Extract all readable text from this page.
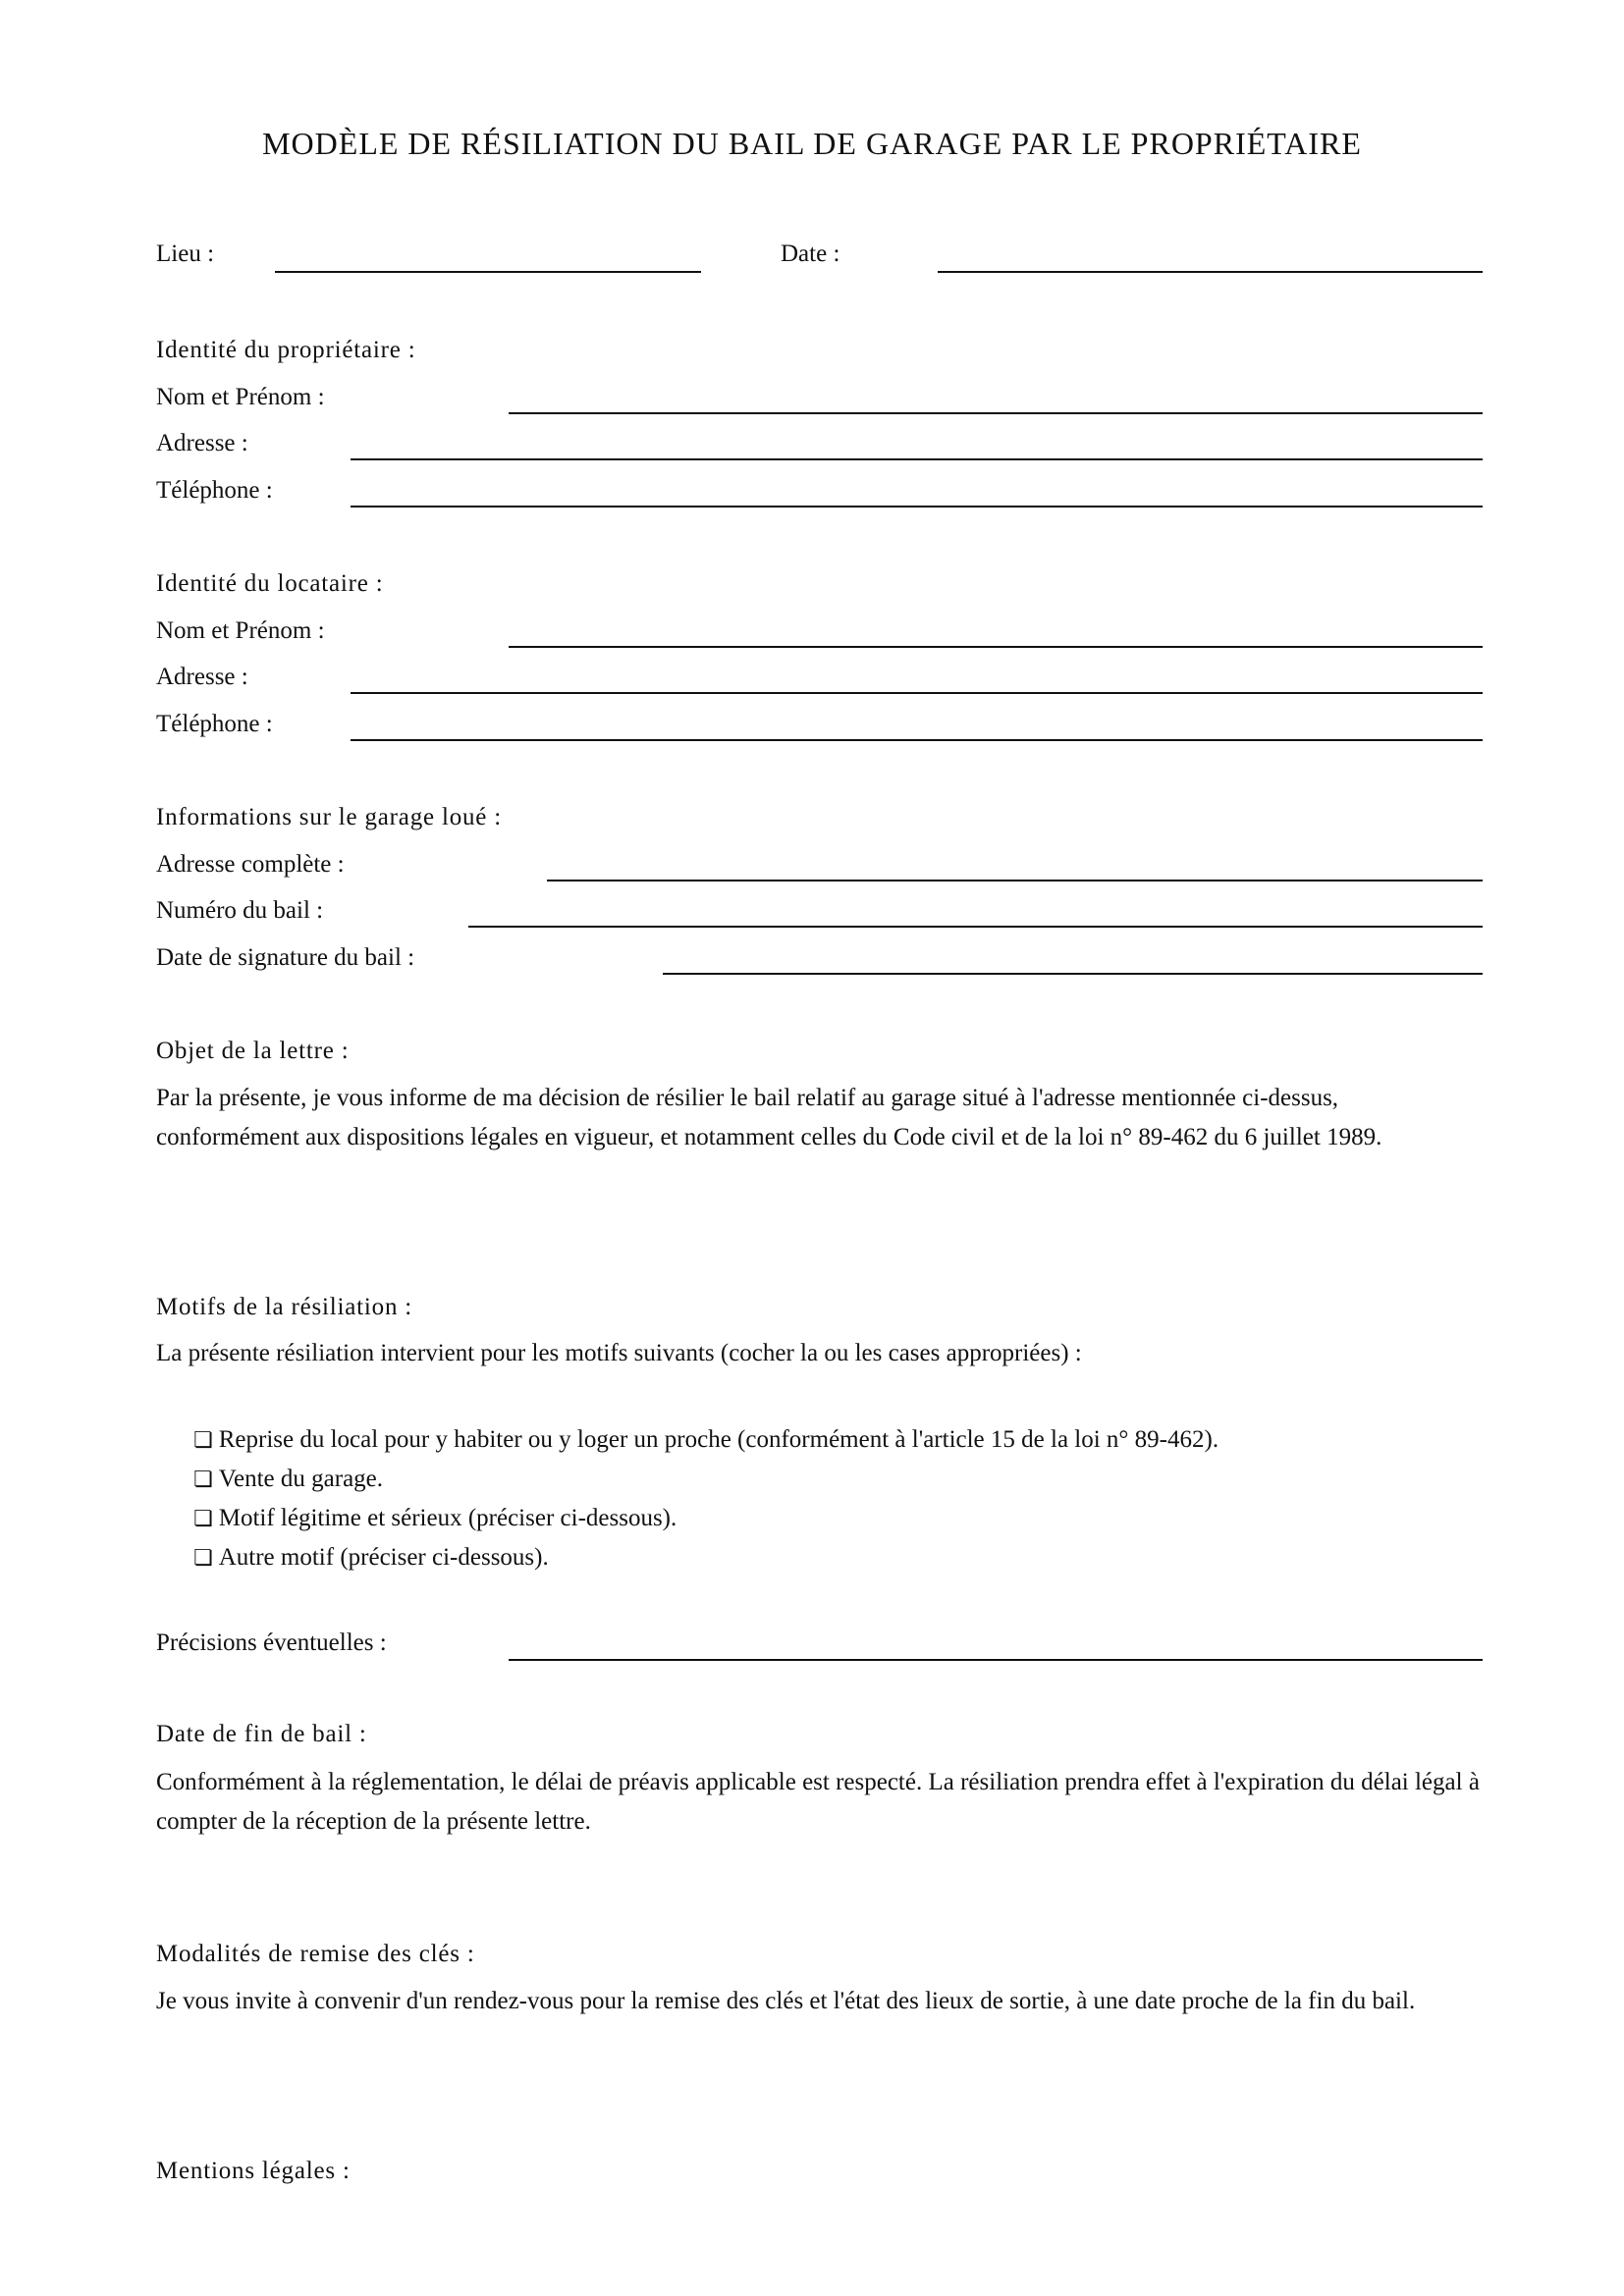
MODÈLE DE RÉSILIATION DU BAIL DE GARAGE PAR LE PROPRIÉTAIRE
Lieu :	Date :
Identité du propriétaire :
Nom et Prénom :
Adresse :
Téléphone :
Identité du locataire :
Nom et Prénom :
Adresse :
Téléphone :
Informations sur le garage loué :
Adresse complète :
Numéro du bail :
Date de signature du bail :
Objet de la lettre :
Par la présente, je vous informe de ma décision de résilier le bail relatif au garage situé à l'adresse mentionnée ci-dessus, conformément aux dispositions légales en vigueur, et notamment celles du Code civil et de la loi n° 89-462 du 6 juillet 1989.
Motifs de la résiliation :
La présente résiliation intervient pour les motifs suivants (cocher la ou les cases appropriées) :
❏ Reprise du local pour y habiter ou y loger un proche (conformément à l'article 15 de la loi n° 89-462).
❏ Vente du garage.
❏ Motif légitime et sérieux (préciser ci-dessous).
❏ Autre motif (préciser ci-dessous).
Précisions éventuelles :
Date de fin de bail :
Conformément à la réglementation, le délai de préavis applicable est respecté. La résiliation prendra effet à l'expiration du délai légal à compter de la réception de la présente lettre.
Modalités de remise des clés :
Je vous invite à convenir d'un rendez-vous pour la remise des clés et l'état des lieux de sortie, à une date proche de la fin du bail.
Mentions légales :
